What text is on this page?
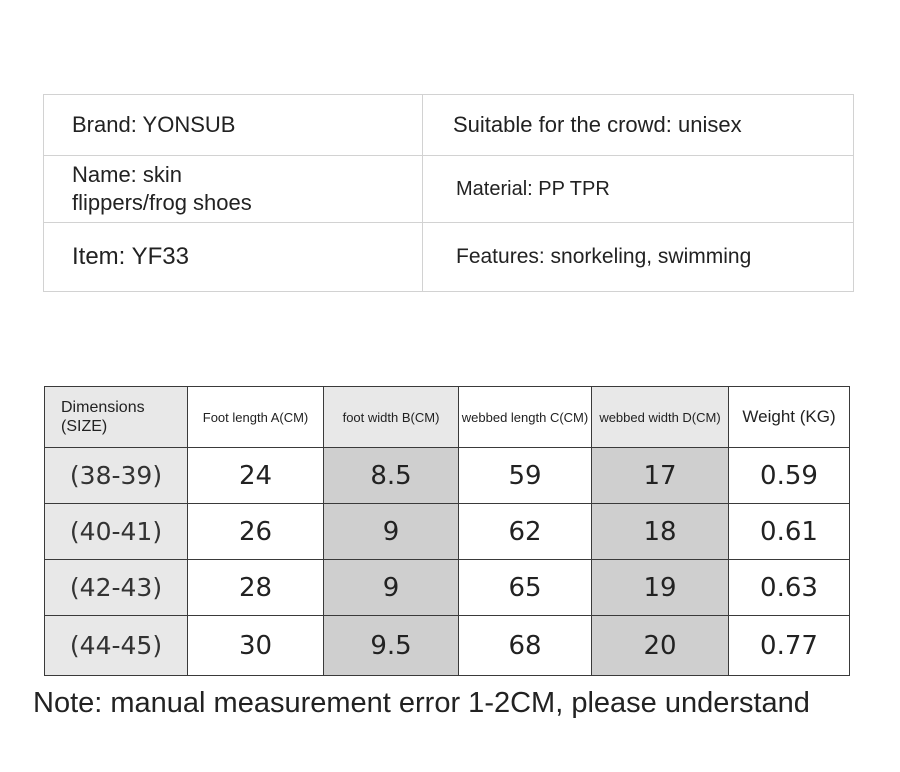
Brand: YONSUB	Suitable for the crowd: unisex

Name: skin
flippers/frog shoes	Material: PP TPR
Item: YF33	Features: snorkeling, swimming
Dimensions
(SIZE)	Foot length A(CM)	foot width B(CM)	webbed length C(CM)	webbed width D(CM)	Weight (KG)
(38-39)	24	8.5	59	17	0.59
(40-41)	26	9	62	18	0.61
(42-43)	28	9	65	19	0.63
(44-45)	30	9.5	68	20	0.77
Note: manual measurement error 1-2CM, please understand
